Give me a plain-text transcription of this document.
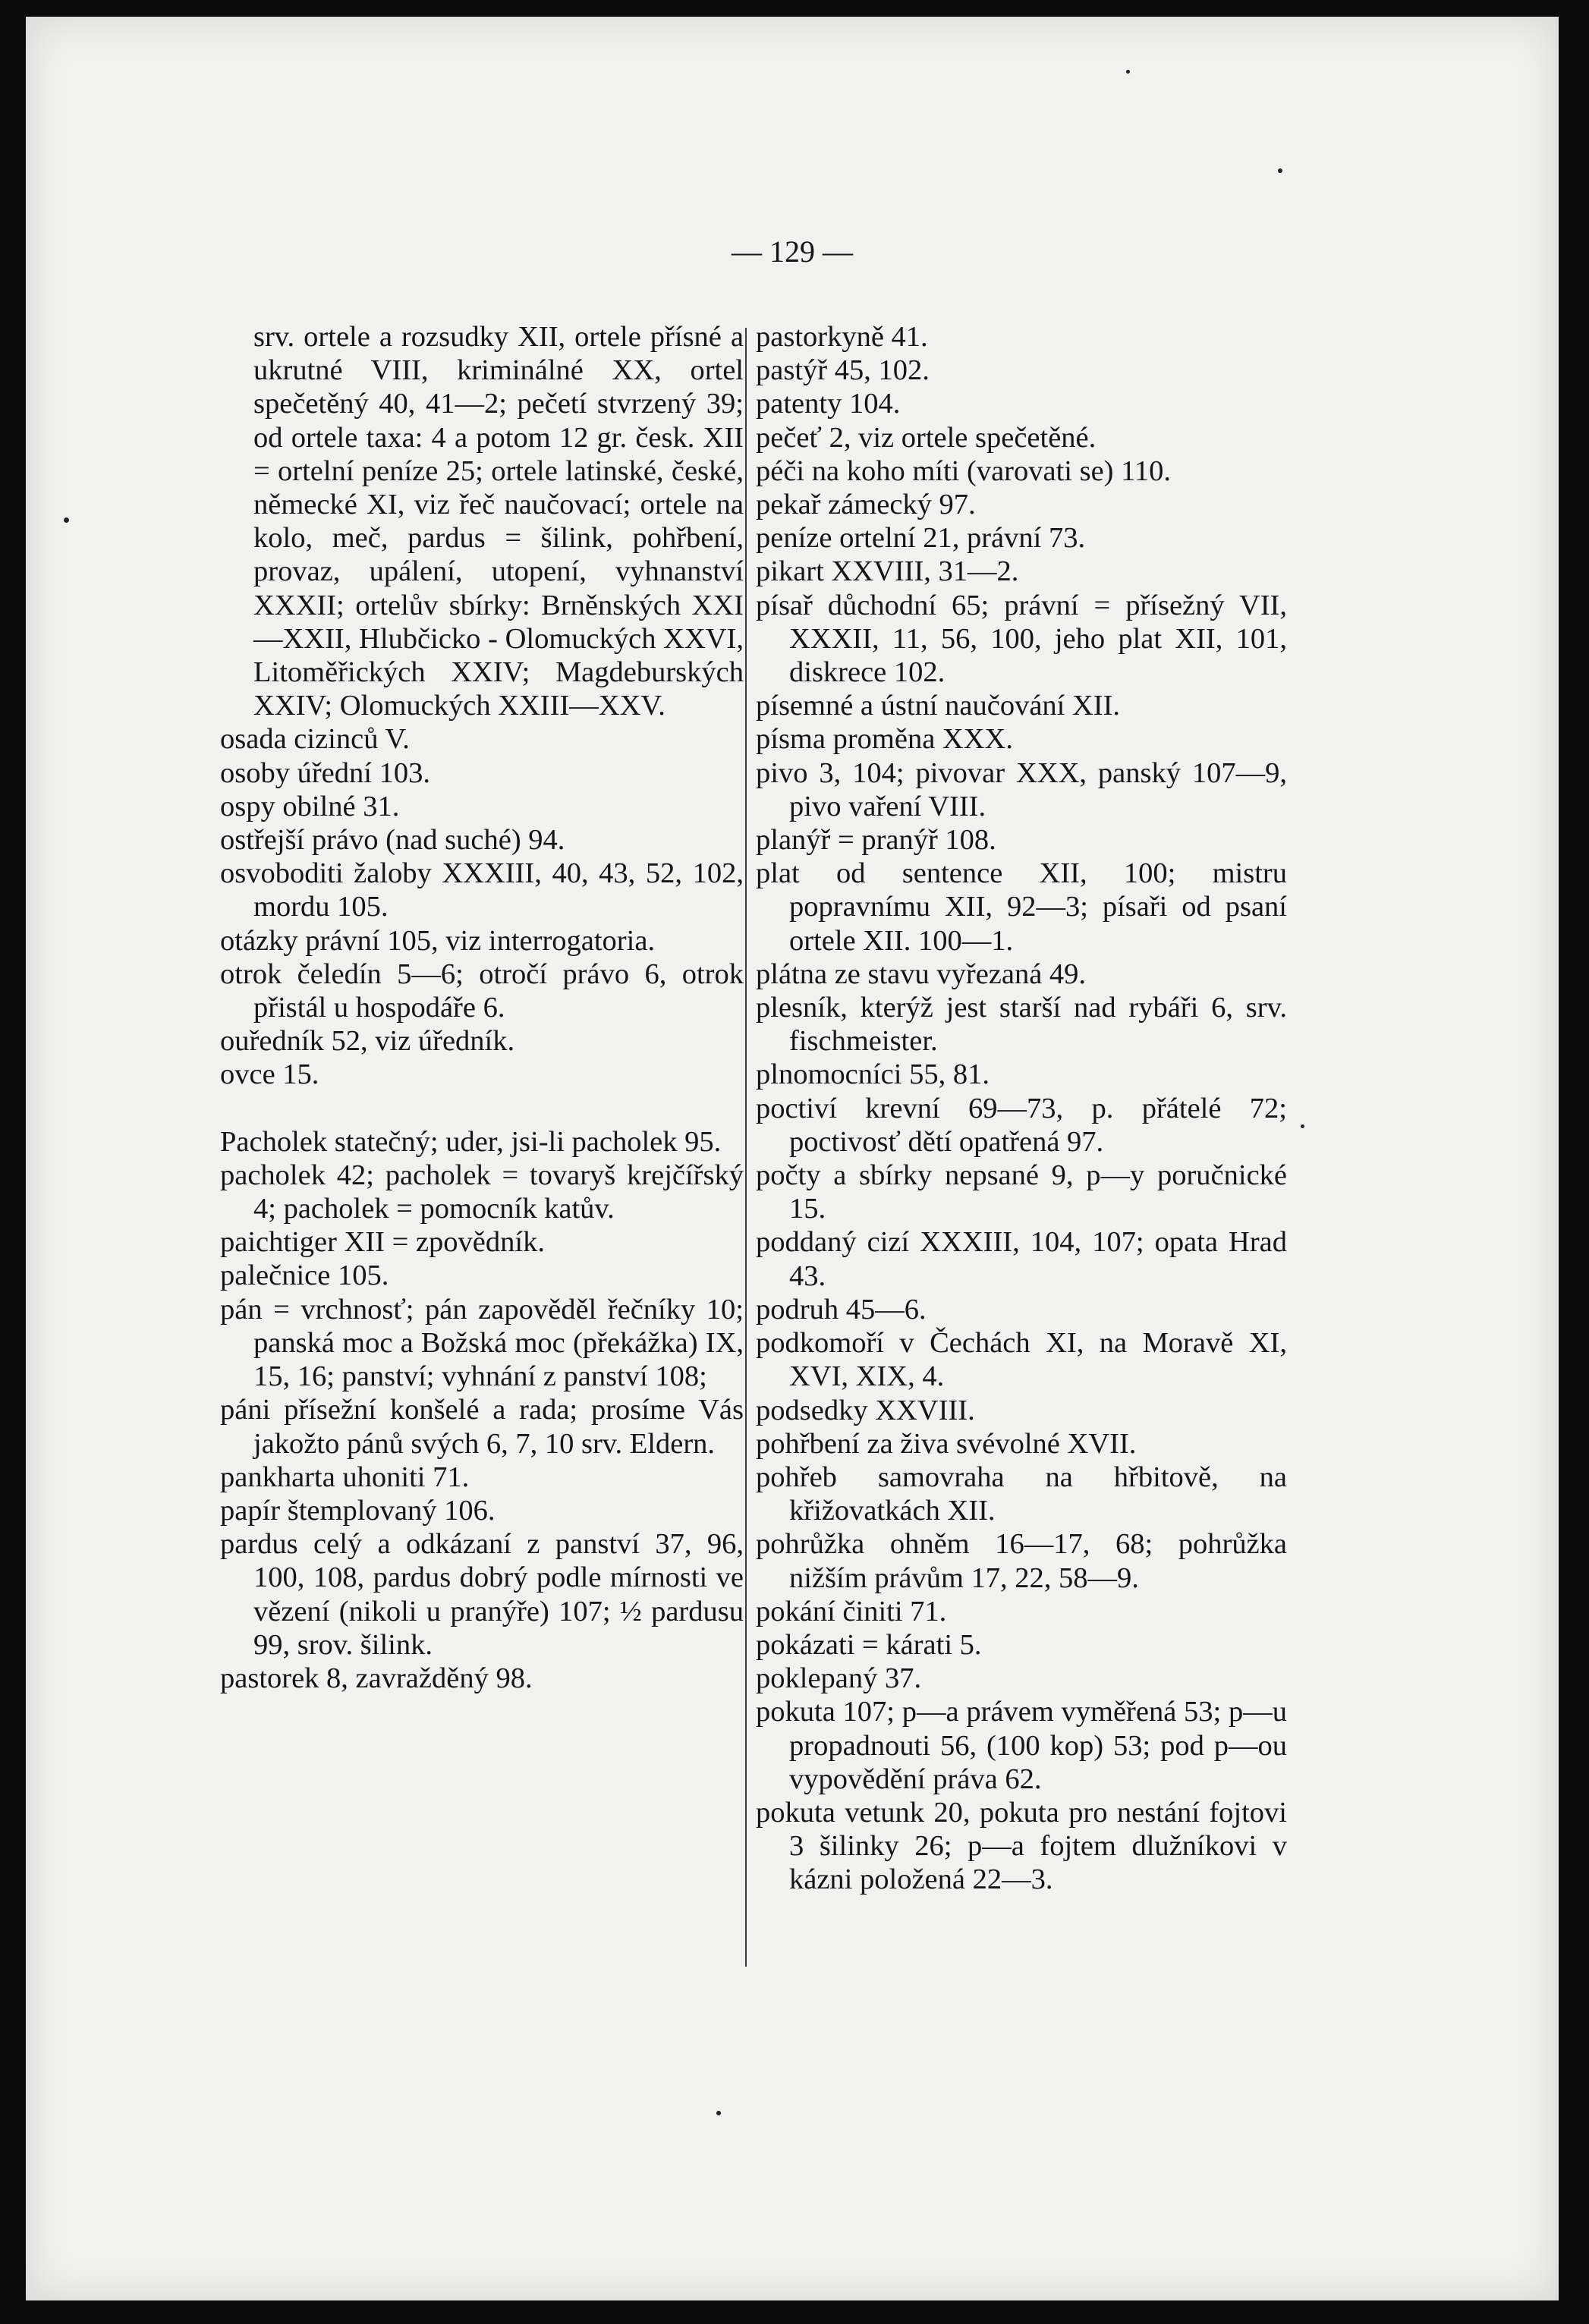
— 129 —

srv. ortele a rozsudky XII, ortele přísné a ukrutné VIII, kriminálné XX, ortel spečetěný 40, 41—2; pečetí stvrzený 39; od ortele taxa: 4 a potom 12 gr. česk. XII = ortelní peníze 25; ortele latinské, české, německé XI, viz řeč naučovací; ortele na kolo, meč, pardus = šilink, pohřbení, provaz, upálení, utopení, vyhnanství XXXII; ortelův sbírky: Brněnských XXI—XXII, Hlubčicko - Olomuckých XXVI, Litoměřických XXIV; Magdeburských XXIV; Olomuckých XXIII—XXV.

osada cizinců V.

osoby úřední 103.

ospy obilné 31.

ostřejší právo (nad suché) 94.

osvoboditi žaloby XXXIII, 40, 43, 52, 102, mordu 105.

otázky právní 105, viz interrogatoria.

otrok čeledín 5—6; otročí právo 6, otrok přistál u hospodáře 6.

ouředník 52, viz úředník.

ovce 15.

Pacholek statečný; uder, jsi-li pacholek 95.

pacholek 42; pacholek = tovaryš krejčířský 4; pacholek = pomocník katův.

paichtiger XII = zpovědník.

palečnice 105.

pán = vrchnosť; pán zapověděl řečníky 10; panská moc a Božská moc (překážka) IX, 15, 16; panství; vyhnání z panství 108;

páni přísežní konšelé a rada; prosíme Vás jakožto pánů svých 6, 7, 10 srv. Eldern.

pankharta uhoniti 71.

papír štemplovaný 106.

pardus celý a odkázaní z panství 37, 96, 100, 108, pardus dobrý podle mírnosti ve vězení (nikoli u pranýře) 107; ½ pardusu 99, srov. šilink.

pastorek 8, zavražděný 98.

pastorkyně 41.

pastýř 45, 102.

patenty 104.

pečeť 2, viz ortele spečetěné.

péči na koho míti (varovati se) 110.

pekař zámecký 97.

peníze ortelní 21, právní 73.

pikart XXVIII, 31—2.

písař důchodní 65; právní = přísežný VII, XXXII, 11, 56, 100, jeho plat XII, 101, diskrece 102.

písemné a ústní naučování XII.

písma proměna XXX.

pivo 3, 104; pivovar XXX, panský 107—9, pivo vaření VIII.

planýř = pranýř 108.

plat od sentence XII, 100; mistru popravnímu XII, 92—3; písaři od psaní ortele XII. 100—1.

plátna ze stavu vyřezaná 49.

plesník, kterýž jest starší nad rybáři 6, srv. fischmeister.

plnomocníci 55, 81.

poctiví krevní 69—73, p. přátelé 72; poctivosť dětí opatřená 97.

počty a sbírky nepsané 9, p—y poručnické 15.

poddaný cizí XXXIII, 104, 107; opata Hrad 43.

podruh 45—6.

podkomoří v Čechách XI, na Moravě XI, XVI, XIX, 4.

podsedky XXVIII.

pohřbení za živa svévolné XVII.

pohřeb samovraha na hřbitově, na křižovatkách XII.

pohrůžka ohněm 16—17, 68; pohrůžka nižším právům 17, 22, 58—9.

pokání činiti 71.

pokázati = kárati 5.

poklepaný 37.

pokuta 107; p—a právem vyměřená 53; p—u propadnouti 56, (100 kop) 53; pod p—ou vypovědění práva 62.

pokuta vetunk 20, pokuta pro nestání fojtovi 3 šilinky 26; p—a fojtem dlužníkovi v kázni položená 22—3.
